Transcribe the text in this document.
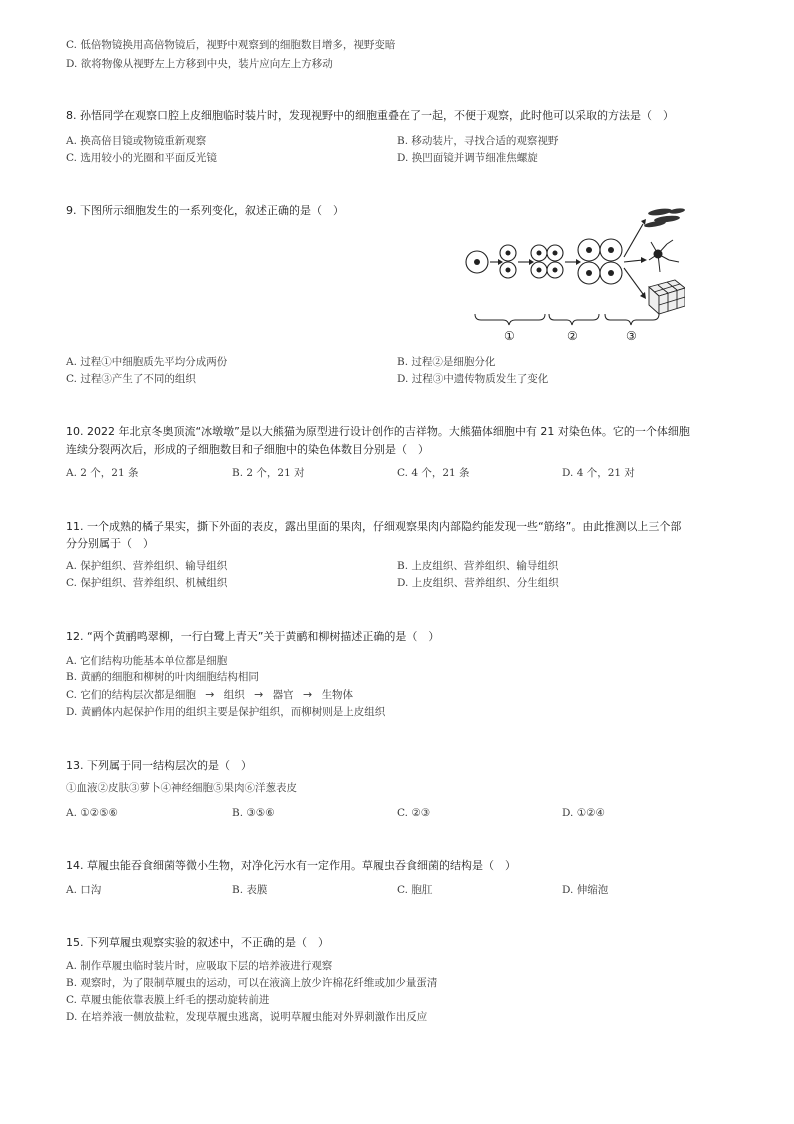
C. 低倍物镜换用高倍物镜后，视野中观察到的细胞数目增多，视野变暗
D. 欲将物像从视野左上方移到中央，装片应向左上方移动
8. 孙悟同学在观察口腔上皮细胞临时装片时，发现视野中的细胞重叠在了一起，不便于观察，此时他可以采取的方法是（　）
A. 换高倍目镜或物镜重新观察	B. 移动装片，寻找合适的观察视野
C. 选用较小的光圈和平面反光镜	D. 换凹面镜并调节细准焦螺旋
9. 下图所示细胞发生的一系列变化，叙述正确的是（　）
①	②	③
A. 过程①中细胞质先平均分成两份	B. 过程②是细胞分化
C. 过程③产生了不同的组织	D. 过程③中遗传物质发生了变化
10. 2022 年北京冬奥顶流“冰墩墩”是以大熊猫为原型进行设计创作的吉祥物。大熊猫体细胞中有 21 对染色体。它的一个体细胞
连续分裂两次后，形成的子细胞数目和子细胞中的染色体数目分别是（　）
A. 2 个，21 条	B. 2 个，21 对	C. 4 个，21 条	D. 4 个，21 对
11. 一个成熟的橘子果实，撕下外面的表皮，露出里面的果肉，仔细观察果肉内部隐约能发现一些“筋络”。由此推测以上三个部
分分别属于（　）
A. 保护组织、营养组织、输导组织	B. 上皮组织、营养组织、输导组织
C. 保护组织、营养组织、机械组织	D. 上皮组织、营养组织、分生组织
12. “两个黄鹂鸣翠柳，一行白鹭上青天”关于黄鹂和柳树描述正确的是（　）
A. 它们结构功能基本单位都是细胞
B. 黄鹂的细胞和柳树的叶肉细胞结构相同
C. 它们的结构层次都是细胞 → 组织 → 器官 → 生物体
D. 黄鹂体内起保护作用的组织主要是保护组织，而柳树则是上皮组织
13. 下列属于同一结构层次的是（　）
①血液②皮肤③萝卜④神经细胞⑤果肉⑥洋葱表皮
A. ①②⑤⑥	B. ③⑤⑥	C. ②③	D. ①②④
14. 草履虫能吞食细菌等微小生物，对净化污水有一定作用。草履虫吞食细菌的结构是（　）
A. 口沟	B. 表膜	C. 胞肛	D. 伸缩泡
15. 下列草履虫观察实验的叙述中，不正确的是（　）
A. 制作草履虫临时装片时，应吸取下层的培养液进行观察
B. 观察时，为了限制草履虫的运动，可以在液滴上放少许棉花纤维或加少量蛋清
C. 草履虫能依靠表膜上纤毛的摆动旋转前进
D. 在培养液一侧放盐粒，发现草履虫逃离，说明草履虫能对外界刺激作出反应
